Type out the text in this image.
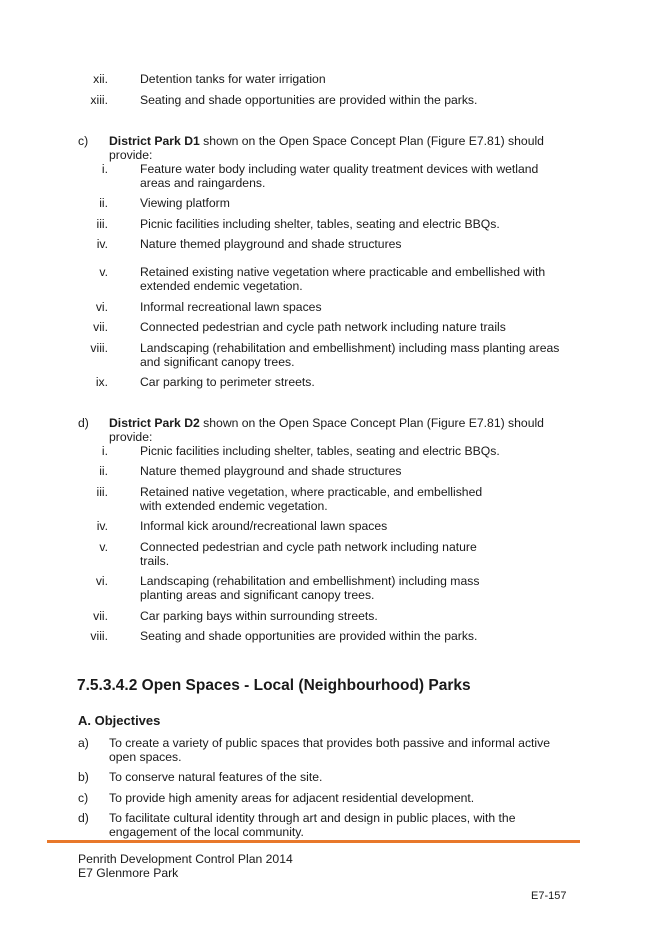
xii.	Detention tanks for water irrigation
xiii.	Seating and shade opportunities are provided within the parks.
c) District Park D1 shown on the Open Space Concept Plan (Figure E7.81) should
provide:
i.	Feature water body including water quality treatment devices with wetland
areas and raingardens.
ii.	Viewing platform
iii.	Picnic facilities including shelter, tables, seating and electric BBQs.
iv.	Nature themed playground and shade structures
v.	Retained existing native vegetation where practicable and embellished with
extended endemic vegetation.
vi.	Informal recreational lawn spaces
vii.	Connected pedestrian and cycle path network including nature trails
viii.	Landscaping (rehabilitation and embellishment) including mass planting areas
and significant canopy trees.
ix.	Car parking to perimeter streets.
d) District Park D2 shown on the Open Space Concept Plan (Figure E7.81) should
provide:
i.	Picnic facilities including shelter, tables, seating and electric BBQs.
ii.	Nature themed playground and shade structures
iii.	Retained native vegetation, where practicable, and embellished
with extended endemic vegetation.
iv.	Informal kick around/recreational lawn spaces
v.	Connected pedestrian and cycle path network including nature
trails.
vi.	Landscaping (rehabilitation and embellishment) including mass
planting areas and significant canopy trees.
vii.	Car parking bays within surrounding streets.
viii.	Seating and shade opportunities are provided within the parks.
7.5.3.4.2 Open Spaces - Local (Neighbourhood) Parks
A. Objectives
a) To create a variety of public spaces that provides both passive and informal active
open spaces.
b) To conserve natural features of the site.
c) To provide high amenity areas for adjacent residential development.
d) To facilitate cultural identity through art and design in public places, with the
engagement of the local community.
Penrith Development Control Plan 2014
E7 Glenmore Park
E7-157
